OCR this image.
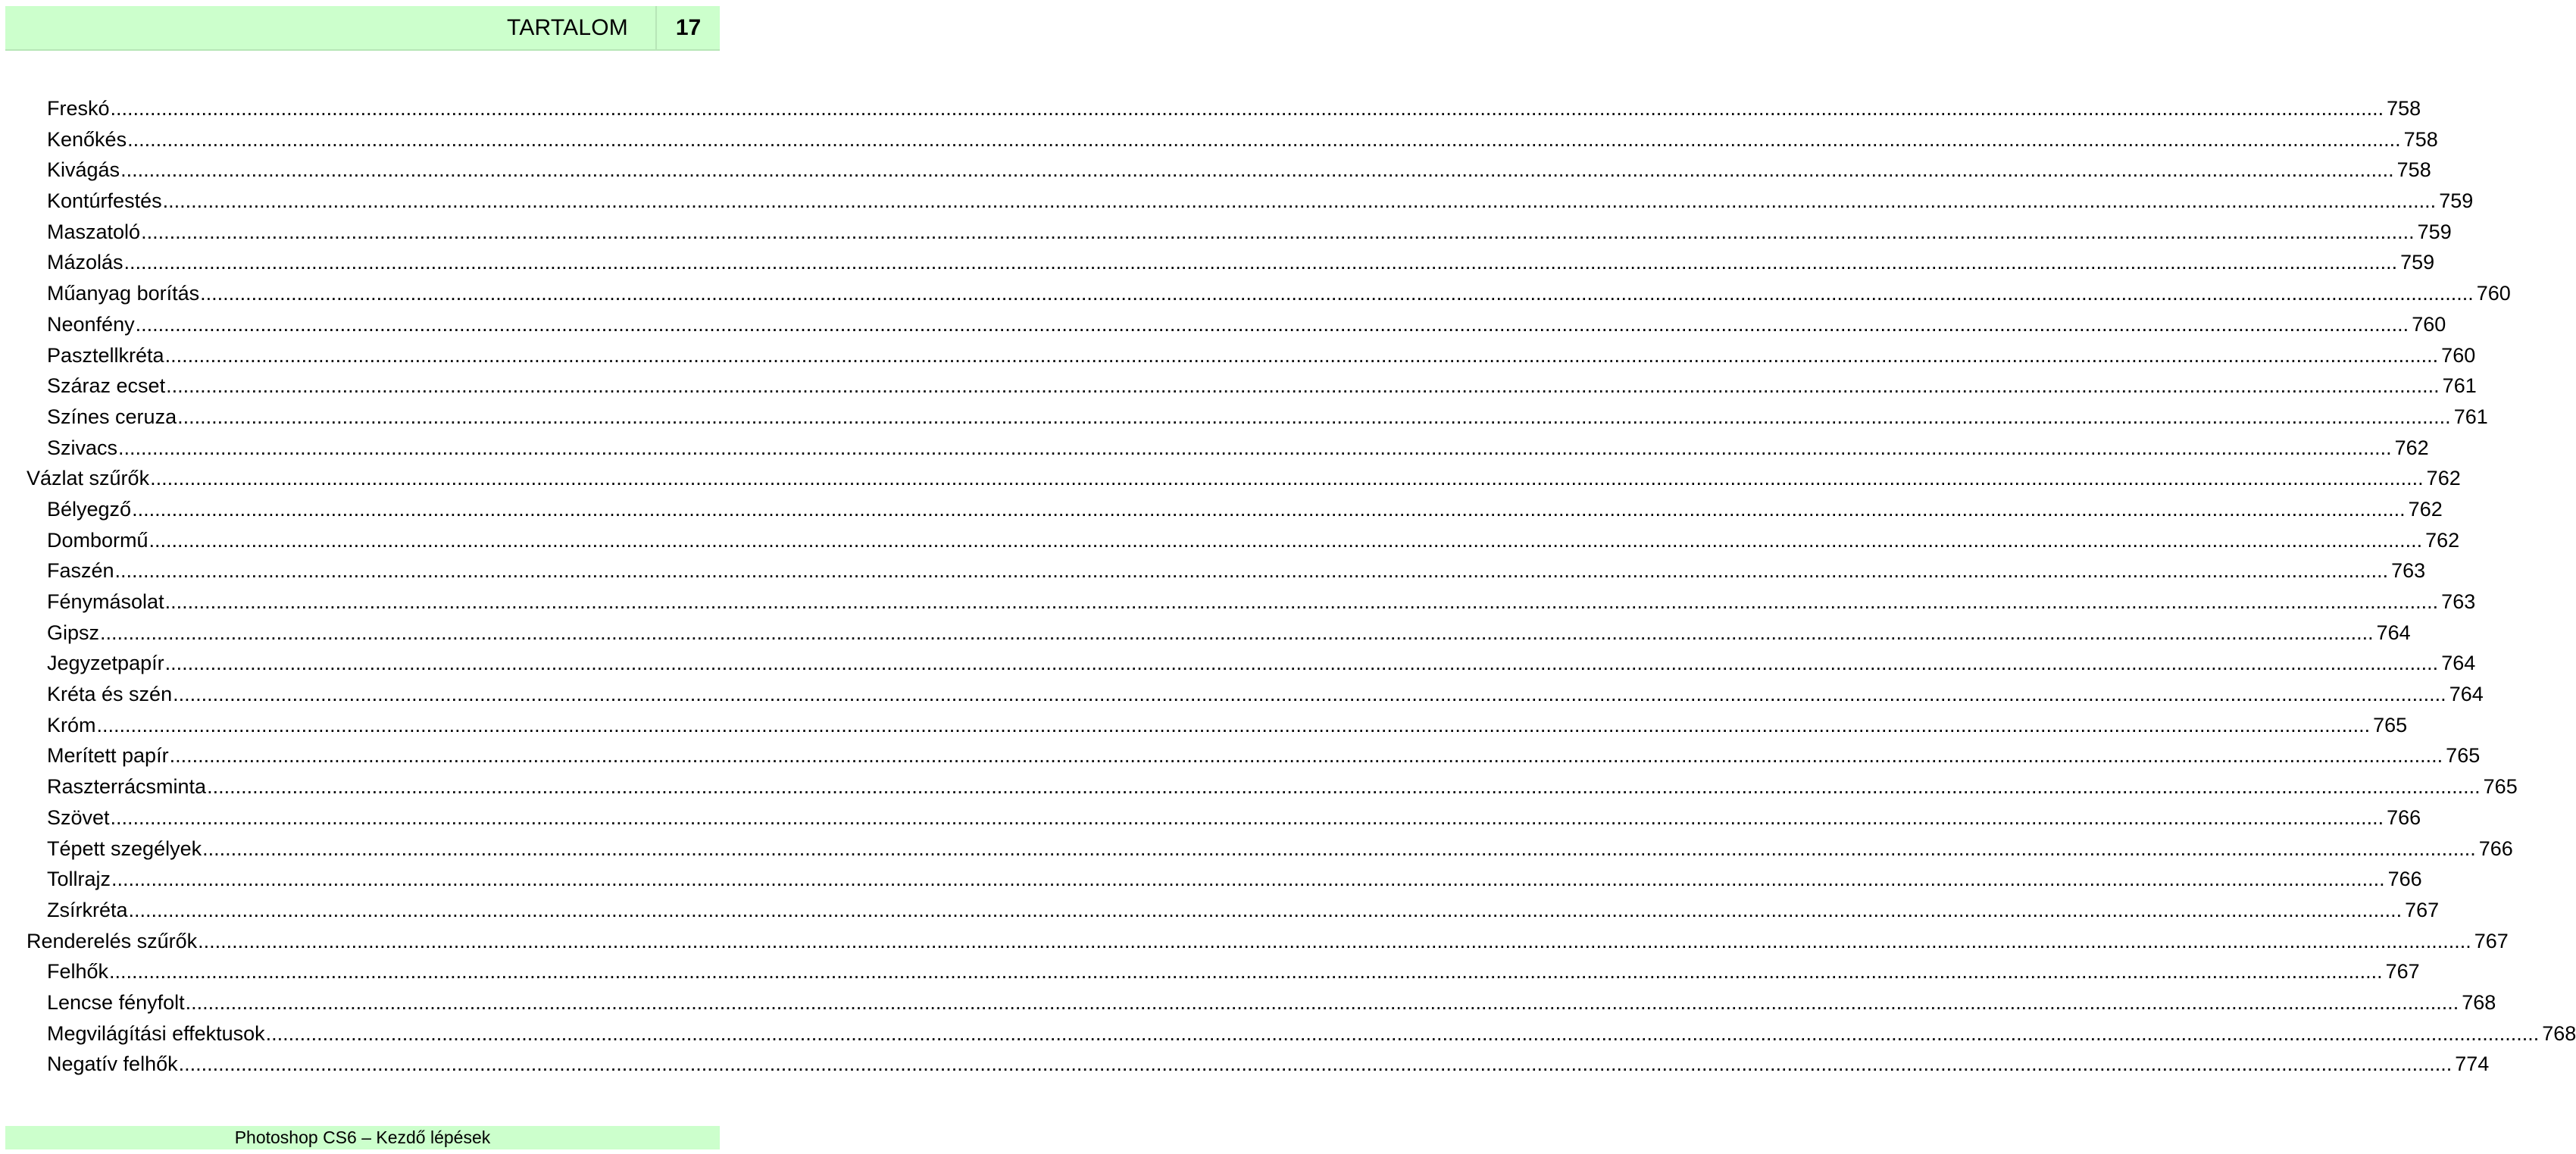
TARTALOM	17
Freskó ................................................................................................................................................................................................................................................................................................................................................................................................................ 758
Kenőkés ................................................................................................................................................................................................................................................................................................................................................................................................................ 758
Kivágás ................................................................................................................................................................................................................................................................................................................................................................................................................ 758
Kontúrfestés ................................................................................................................................................................................................................................................................................................................................................................................................................ 759
Maszatoló ................................................................................................................................................................................................................................................................................................................................................................................................................ 759
Mázolás ................................................................................................................................................................................................................................................................................................................................................................................................................ 759
Műanyag borítás ................................................................................................................................................................................................................................................................................................................................................................................................................ 760
Neonfény ................................................................................................................................................................................................................................................................................................................................................................................................................ 760
Pasztellkréta ................................................................................................................................................................................................................................................................................................................................................................................................................ 760
Száraz ecset ................................................................................................................................................................................................................................................................................................................................................................................................................ 761
Színes ceruza ................................................................................................................................................................................................................................................................................................................................................................................................................ 761
Szivacs ................................................................................................................................................................................................................................................................................................................................................................................................................ 762
Vázlat szűrők ................................................................................................................................................................................................................................................................................................................................................................................................................ 762
Bélyegző ................................................................................................................................................................................................................................................................................................................................................................................................................ 762
Dombormű ................................................................................................................................................................................................................................................................................................................................................................................................................ 762
Faszén ................................................................................................................................................................................................................................................................................................................................................................................................................ 763
Fénymásolat ................................................................................................................................................................................................................................................................................................................................................................................................................ 763
Gipsz ................................................................................................................................................................................................................................................................................................................................................................................................................ 764
Jegyzetpapír ................................................................................................................................................................................................................................................................................................................................................................................................................ 764
Kréta és szén ................................................................................................................................................................................................................................................................................................................................................................................................................ 764
Króm ................................................................................................................................................................................................................................................................................................................................................................................................................ 765
Merített papír ................................................................................................................................................................................................................................................................................................................................................................................................................ 765
Raszterrácsminta ................................................................................................................................................................................................................................................................................................................................................................................................................ 765
Szövet ................................................................................................................................................................................................................................................................................................................................................................................................................ 766
Tépett szegélyek ................................................................................................................................................................................................................................................................................................................................................................................................................ 766
Tollrajz ................................................................................................................................................................................................................................................................................................................................................................................................................ 766
Zsírkréta ................................................................................................................................................................................................................................................................................................................................................................................................................ 767
Renderelés szűrők ................................................................................................................................................................................................................................................................................................................................................................................................................ 767
Felhők ................................................................................................................................................................................................................................................................................................................................................................................................................ 767
Lencse fényfolt ................................................................................................................................................................................................................................................................................................................................................................................................................ 768
Megvilágítási effektusok ................................................................................................................................................................................................................................................................................................................................................................................................................ 768
Negatív felhők ................................................................................................................................................................................................................................................................................................................................................................................................................ 774
Photoshop CS6 – Kezdő lépések
